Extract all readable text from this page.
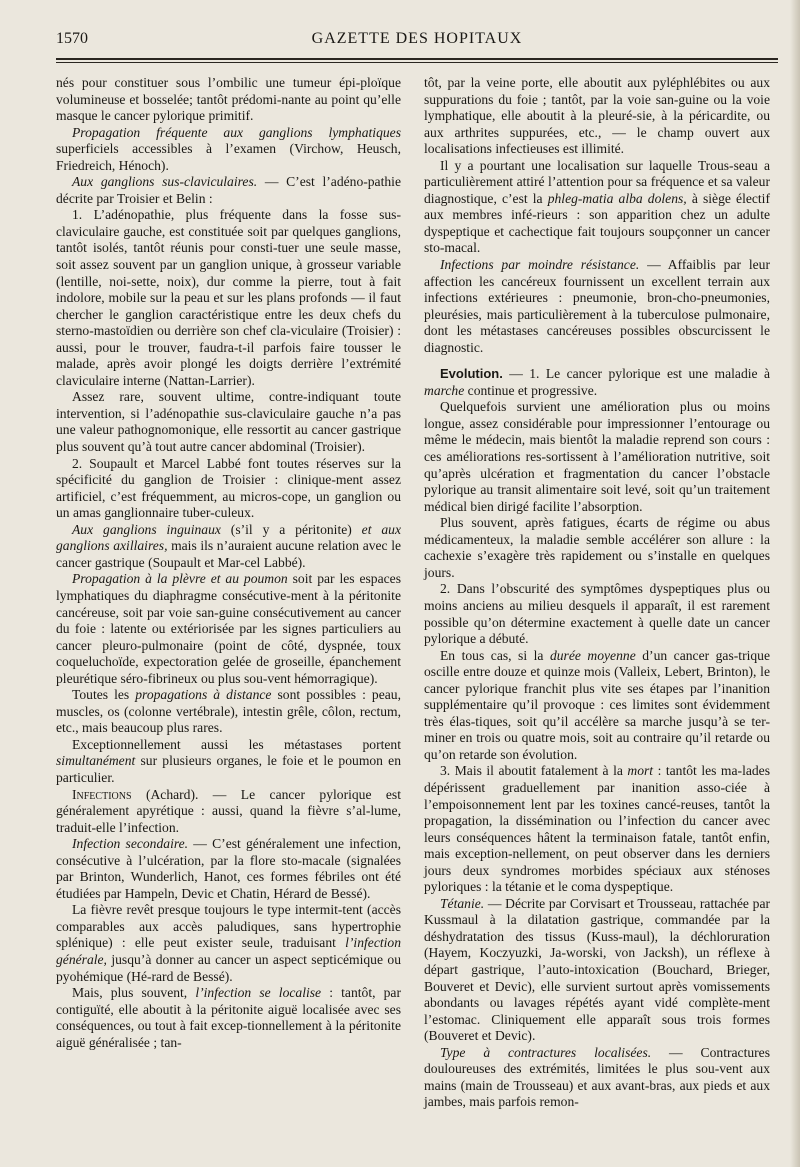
1570	GAZETTE DES HOPITAUX

nés pour constituer sous l’ombilic une tumeur épi-ploïque volumineuse et bosselée; tantôt prédomi-nante au point qu’elle masque le cancer pylorique primitif.

Propagation fréquente aux ganglions lymphatiques superficiels accessibles à l’examen (Virchow, Heusch, Friedreich, Hénoch).

Aux ganglions sus-claviculaires. — C’est l’adéno-pathie décrite par Troisier et Belin :

1. L’adénopathie, plus fréquente dans la fosse sus-claviculaire gauche, est constituée soit par quelques ganglions, tantôt isolés, tantôt réunis pour consti-tuer une seule masse, soit assez souvent par un ganglion unique, à grosseur variable (lentille, noi-sette, noix), dur comme la pierre, tout à fait indolore, mobile sur la peau et sur les plans profonds — il faut chercher le ganglion caractéristique entre les deux chefs du sterno-mastoïdien ou derrière son chef cla-viculaire (Troisier) : aussi, pour le trouver, faudra-t-il parfois faire tousser le malade, après avoir plongé les doigts derrière l’extrémité claviculaire interne (Nattan-Larrier).

Assez rare, souvent ultime, contre-indiquant toute intervention, si l’adénopathie sus-claviculaire gauche n’a pas une valeur pathognomonique, elle ressortit au cancer gastrique plus souvent qu’à tout autre cancer abdominal (Troisier).

2. Soupault et Marcel Labbé font toutes réserves sur la spécificité du ganglion de Troisier : clinique-ment assez artificiel, c’est fréquemment, au micros-cope, un ganglion ou un amas ganglionnaire tuber-culeux.

Aux ganglions inguinaux (s’il y a péritonite) et aux ganglions axillaires, mais ils n’auraient aucune relation avec le cancer gastrique (Soupault et Mar-cel Labbé).

Propagation à la plèvre et au poumon soit par les espaces lymphatiques du diaphragme consécutive-ment à la péritonite cancéreuse, soit par voie san-guine consécutivement au cancer du foie : latente ou extériorisée par les signes particuliers au cancer pleuro-pulmonaire (point de côté, dyspnée, toux coqueluchoïde, expectoration gelée de groseille, épanchement pleurétique séro-fibrineux ou plus sou-vent hémorragique).

Toutes les propagations à distance sont possibles : peau, muscles, os (colonne vertébrale), intestin grêle, côlon, rectum, etc., mais beaucoup plus rares.

Exceptionnellement aussi les métastases portent simultanément sur plusieurs organes, le foie et le poumon en particulier.

Infections (Achard). — Le cancer pylorique est généralement apyrétique : aussi, quand la fièvre s’al-lume, traduit-elle l’infection.

Infection secondaire. — C’est généralement une infection, consécutive à l’ulcération, par la flore sto-macale (signalées par Brinton, Wunderlich, Hanot, ces formes fébriles ont été étudiées par Hampeln, Devic et Chatin, Hérard de Bessé).

La fièvre revêt presque toujours le type intermit-tent (accès comparables aux accès paludiques, sans hypertrophie splénique) : elle peut exister seule, traduisant l’infection générale, jusqu’à donner au cancer un aspect septicémique ou pyohémique (Hé-rard de Bessé).

Mais, plus souvent, l’infection se localise : tantôt, par contiguïté, elle aboutit à la péritonite aiguë localisée avec ses conséquences, ou tout à fait excep-tionnellement à la péritonite aiguë généralisée ; tan-

tôt, par la veine porte, elle aboutit aux pyléphlébites ou aux suppurations du foie ; tantôt, par la voie san-guine ou la voie lymphatique, elle aboutit à la pleuré-sie, à la péricardite, ou aux arthrites suppurées, etc., — le champ ouvert aux localisations infectieuses est illimité.

Il y a pourtant une localisation sur laquelle Trous-seau a particulièrement attiré l’attention pour sa fréquence et sa valeur diagnostique, c’est la phleg-matia alba dolens, à siège électif aux membres infé-rieurs : son apparition chez un adulte dyspeptique et cachectique fait toujours soupçonner un cancer sto-macal.

Infections par moindre résistance. — Affaiblis par leur affection les cancéreux fournissent un excellent terrain aux infections extérieures : pneumonie, bron-cho-pneumonies, pleurésies, mais particulièrement à la tuberculose pulmonaire, dont les métastases cancéreuses possibles obscurcissent le diagnostic.

Evolution. — 1. Le cancer pylorique est une maladie à marche continue et progressive.

Quelquefois survient une amélioration plus ou moins longue, assez considérable pour impressionner l’entourage ou même le médecin, mais bientôt la maladie reprend son cours : ces améliorations res-sortissent à l’amélioration nutritive, soit qu’après ulcération et fragmentation du cancer l’obstacle pylorique au transit alimentaire soit levé, soit qu’un traitement médical bien dirigé facilite l’absorption.

Plus souvent, après fatigues, écarts de régime ou abus médicamenteux, la maladie semble accélérer son allure : la cachexie s’exagère très rapidement ou s’installe en quelques jours.

2. Dans l’obscurité des symptômes dyspeptiques plus ou moins anciens au milieu desquels il apparaît, il est rarement possible qu’on détermine exactement à quelle date un cancer pylorique a débuté.

En tous cas, si la durée moyenne d’un cancer gas-trique oscille entre douze et quinze mois (Valleix, Lebert, Brinton), le cancer pylorique franchit plus vite ses étapes par l’inanition supplémentaire qu’il provoque : ces limites sont évidemment très élas-tiques, soit qu’il accélère sa marche jusqu’à se ter-miner en trois ou quatre mois, soit au contraire qu’il retarde ou qu’on retarde son évolution.

3. Mais il aboutit fatalement à la mort : tantôt les ma-lades dépérissent graduellement par inanition asso-ciée à l’empoisonnement lent par les toxines cancé-reuses, tantôt la propagation, la dissémination ou l’infection du cancer avec leurs conséquences hâtent la terminaison fatale, tantôt enfin, mais exception-nellement, on peut observer dans les derniers jours deux syndromes morbides spéciaux aux sténoses pyloriques : la tétanie et le coma dyspeptique.

Tétanie. — Décrite par Corvisart et Trousseau, rattachée par Kussmaul à la dilatation gastrique, commandée par la déshydratation des tissus (Kuss-maul), la déchloruration (Hayem, Koczyuzki, Ja-worski, von Jacksh), un réflexe à départ gastrique, l’auto-intoxication (Bouchard, Brieger, Bouveret et Devic), elle survient surtout après vomissements abondants ou lavages répétés ayant vidé complète-ment l’estomac. Cliniquement elle apparaît sous trois formes (Bouveret et Devic).

Type à contractures localisées. — Contractures douloureuses des extrémités, limitées le plus sou-vent aux mains (main de Trousseau) et aux avant-bras, aux pieds et aux jambes, mais parfois remon-
